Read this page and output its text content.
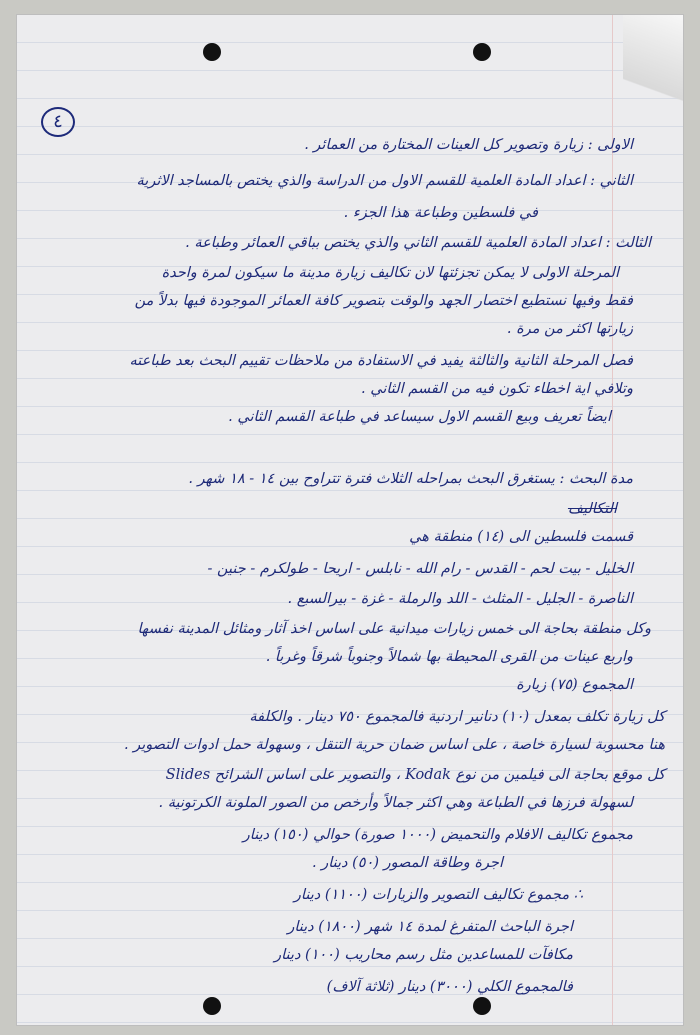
٤
الاولى : زيارة وتصوير كل العينات المختارة من العمائر .
الثاني : اعداد المادة العلمية للقسم الاول من الدراسة والذي يختص بالمساجد الاثرية
في فلسطين وطباعة هذا الجزء .
الثالث : اعداد المادة العلمية للقسم الثاني والذي يختص بباقي العمائر وطباعة .
المرحلة الاولى لا يمكن تجزئتها لان تكاليف زيارة مدينة ما سيكون لمرة واحدة
فقط وفيها نستطيع اختصار الجهد والوقت بتصوير كافة العمائر الموجودة فيها بدلاً من
زيارتها اكثر من مرة .
فصل المرحلة الثانية والثالثة يفيد في الاستفادة من ملاحظات تقييم البحث بعد طباعته
وتلافي اية اخطاء تكون فيه من القسم الثاني .
ايضاً تعريف وبيع القسم الاول سيساعد في طباعة القسم الثاني .
مدة البحث : يستغرق البحث بمراحله الثلاث فترة تتراوح بين ١٤ - ١٨ شهر .
التكاليف
قسمت فلسطين الى (١٤) منطقة هي
الخليل - بيت لحم - القدس - رام الله - نابلس - اريحا - طولكرم - جنين -
الناصرة - الجليل - المثلث - اللد والرملة - غزة - بيرالسبع .
وكل منطقة بحاجة الى خمس زيارات ميدانية على اساس اخذ آثار ومثائل المدينة نفسها
واربع عينات من القرى المحيطة بها شمالاً وجنوباً شرقاً وغرباً .
المجموع (٧٥) زيارة
كل زيارة تكلف بمعدل (١٠) دنانير اردنية فالمجموع ٧٥٠ دينار . والكلفة
هنا محسوبة لسيارة خاصة ، على اساس ضمان حرية التنقل ، وسهولة حمل ادوات التصوير .
كل موقع بحاجة الى فيلمين من نوع Kodak ، والتصوير على اساس الشرائح Slides
لسهولة فرزها في الطباعة وهي اكثر جمالاً وأرخص من الصور الملونة الكرتونية .
مجموع تكاليف الافلام والتحميض (١٠٠٠ صورة) حوالي (١٥٠) دينار
اجرة وطاقة المصور (٥٠) دينار .
∴ مجموع تكاليف التصوير والزيارات (١١٠٠) دينار
اجرة الباحث المتفرغ لمدة ١٤ شهر (١٨٠٠) دينار
مكافآت للمساعدين مثل رسم محاريب (١٠٠) دينار
فالمجموع الكلي (٣٠٠٠) دينار (ثلاثة آلاف)
